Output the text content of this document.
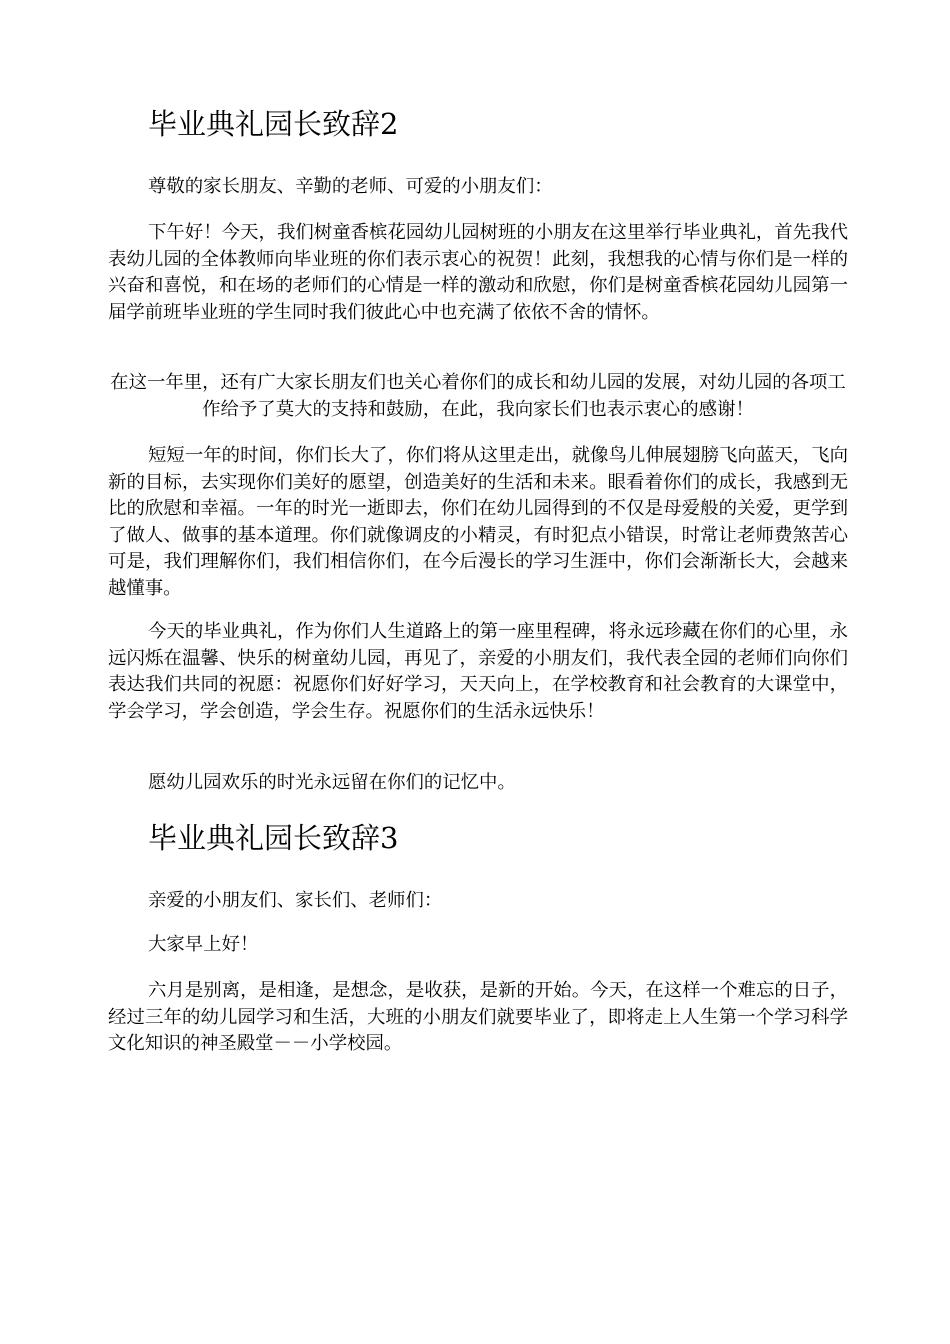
毕业典礼园长致辞2

尊敬的家长朋友、辛勤的老师、可爱的小朋友们：

下午好！今天，我们树童香槟花园幼儿园树班的小朋友在这里举行毕业典礼，首先我代表幼儿园的全体教师向毕业班的你们表示衷心的祝贺！此刻，我想我的心情与你们是一样的兴奋和喜悦，和在场的老师们的心情是一样的激动和欣慰，你们是树童香槟花园幼儿园第一届学前班毕业班的学生同时我们彼此心中也充满了依依不舍的情怀。

在这一年里，还有广大家长朋友们也关心着你们的成长和幼儿园的发展，对幼儿园的各项工作给予了莫大的支持和鼓励，在此，我向家长们也表示衷心的感谢！

短短一年的时间，你们长大了，你们将从这里走出，就像鸟儿伸展翅膀飞向蓝天，飞向新的目标，去实现你们美好的愿望，创造美好的生活和未来。眼看着你们的成长，我感到无比的欣慰和幸福。一年的时光一逝即去，你们在幼儿园得到的不仅是母爱般的关爱，更学到了做人、做事的基本道理。你们就像调皮的小精灵，有时犯点小错误，时常让老师费煞苦心可是，我们理解你们，我们相信你们，在今后漫长的学习生涯中，你们会渐渐长大，会越来越懂事。

今天的毕业典礼，作为你们人生道路上的第一座里程碑，将永远珍藏在你们的心里，永远闪烁在温馨、快乐的树童幼儿园，再见了，亲爱的小朋友们，我代表全园的老师们向你们表达我们共同的祝愿：祝愿你们好好学习，天天向上，在学校教育和社会教育的大课堂中，学会学习，学会创造，学会生存。祝愿你们的生活永远快乐！

愿幼儿园欢乐的时光永远留在你们的记忆中。

毕业典礼园长致辞3

亲爱的小朋友们、家长们、老师们：

大家早上好！

六月是别离，是相逢，是想念，是收获，是新的开始。今天，在这样一个难忘的日子，经过三年的幼儿园学习和生活，大班的小朋友们就要毕业了，即将走上人生第一个学习科学文化知识的神圣殿堂－－小学校园。
